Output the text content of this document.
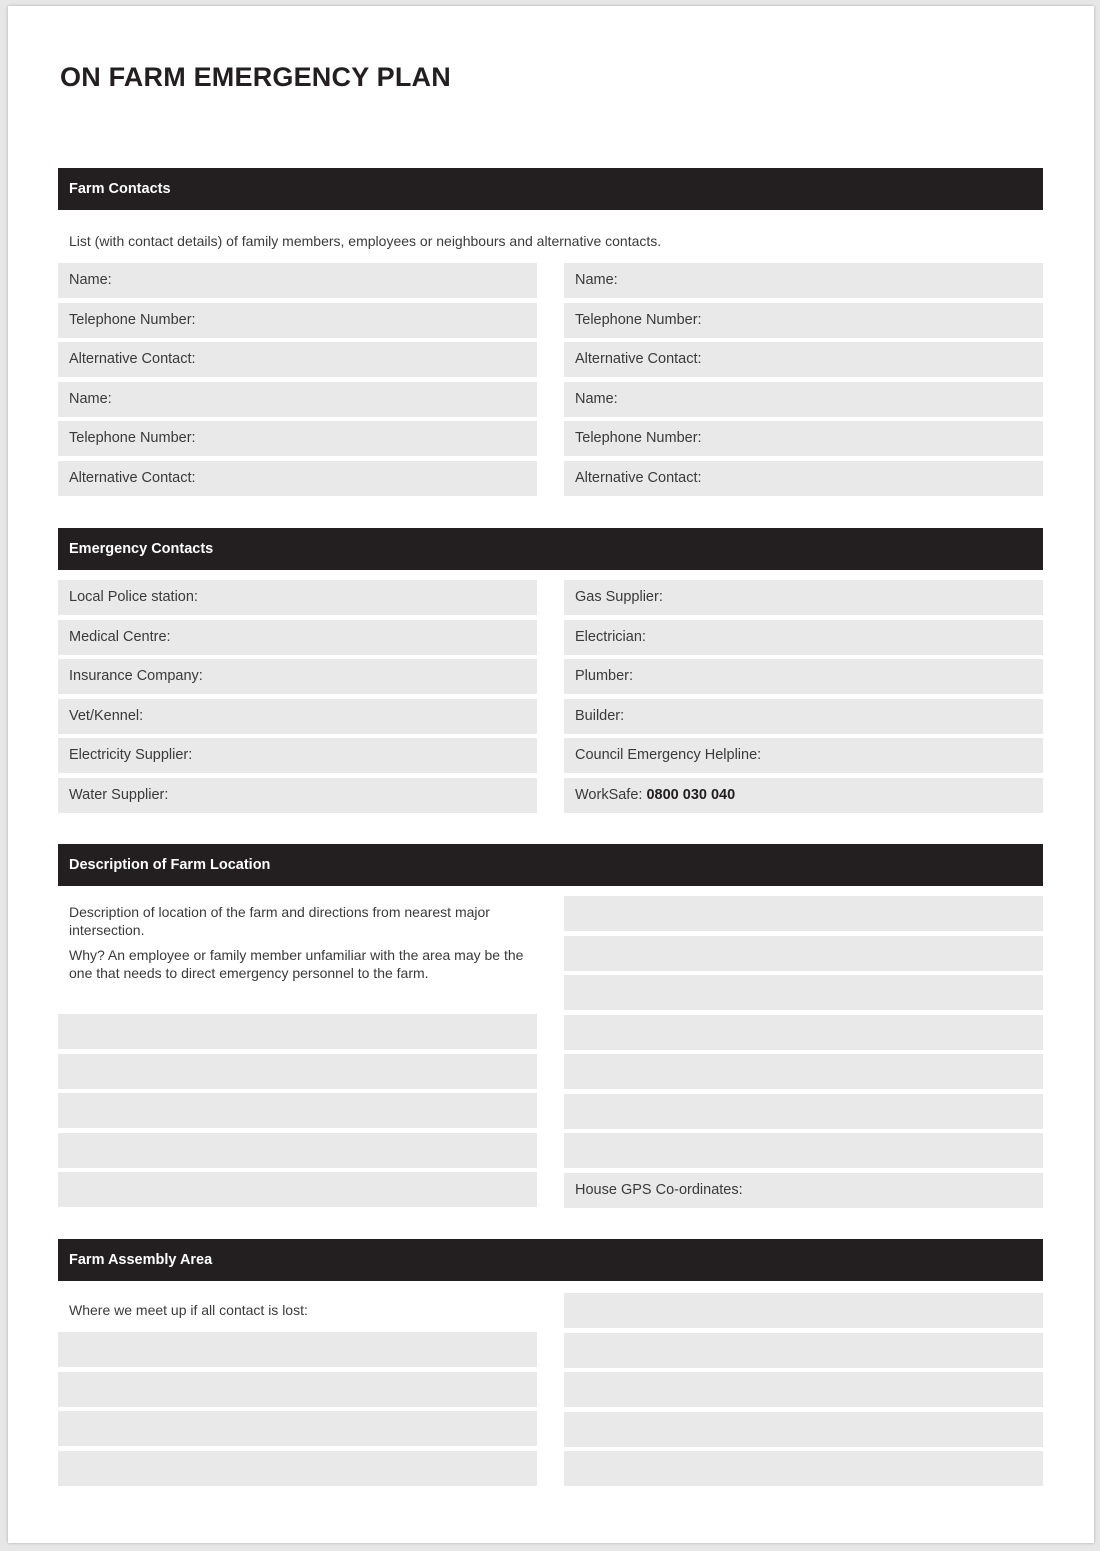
ON FARM EMERGENCY PLAN
Farm Contacts
List (with contact details) of family members, employees or neighbours and alternative contacts.
Name:
Telephone Number:
Alternative Contact:
Name:
Telephone Number:
Alternative Contact:
Name:
Telephone Number:
Alternative Contact:
Name:
Telephone Number:
Alternative Contact:
Emergency Contacts
Local Police station:
Medical Centre:
Insurance Company:
Vet/Kennel:
Electricity Supplier:
Water Supplier:
Gas Supplier:
Electrician:
Plumber:
Builder:
Council Emergency Helpline:
WorkSafe: 0800 030 040
Description of Farm Location

Description of location of the farm and directions from nearest major intersection.

Why? An employee or family member unfamiliar with the area may be the one that needs to direct emergency personnel to the farm.

House GPS Co-ordinates:
Farm Assembly Area
Where we meet up if all contact is lost:
